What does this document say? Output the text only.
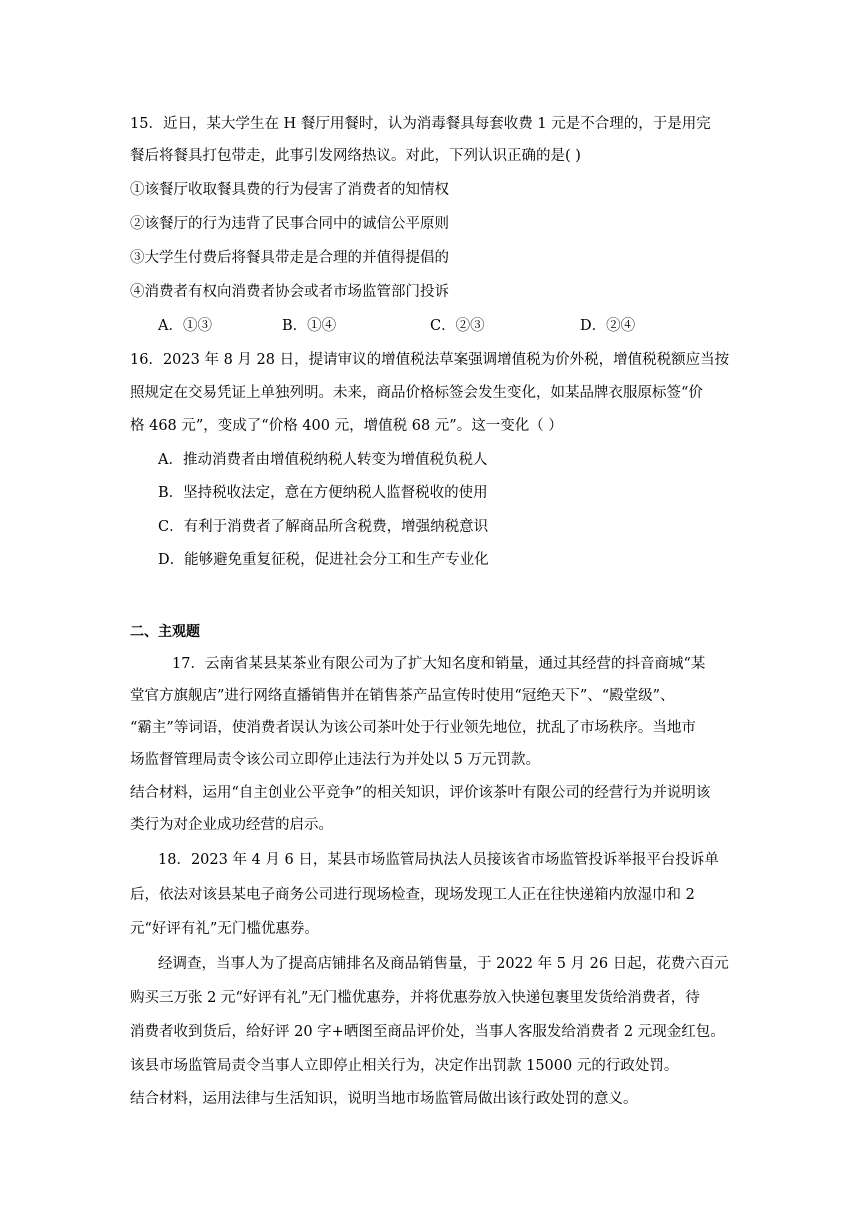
15．近日，某大学生在 H 餐厅用餐时，认为消毒餐具每套收费 1 元是不合理的，于是用完
餐后将餐具打包带走，此事引发网络热议。对此，下列认识正确的是( )
①该餐厅收取餐具费的行为侵害了消费者的知情权
②该餐厅的行为违背了民事合同中的诚信公平原则
③大学生付费后将餐具带走是合理的并值得提倡的
④消费者有权向消费者协会或者市场监管部门投诉
A．①③	B．①④	C．②③	D．②④
16．2023 年 8 月 28 日，提请审议的增值税法草案强调增值税为价外税，增值税税额应当按
照规定在交易凭证上单独列明。未来，商品价格标签会发生变化，如某品牌衣服原标签“价
格 468 元”，变成了“价格 400 元，增值税 68 元”。这一变化（ ）
A．推动消费者由增值税纳税人转变为增值税负税人
B．坚持税收法定，意在方便纳税人监督税收的使用
C．有利于消费者了解商品所含税费，增强纳税意识
D．能够避免重复征税，促进社会分工和生产专业化
二、主观题
17．云南省某县某茶业有限公司为了扩大知名度和销量，通过其经营的抖音商城“某
堂官方旗舰店”进行网络直播销售并在销售茶产品宣传时使用“冠绝天下”、“殿堂级”、
“霸主”等词语，使消费者误认为该公司茶叶处于行业领先地位，扰乱了市场秩序。当地市
场监督管理局责令该公司立即停止违法行为并处以 5 万元罚款。
结合材料，运用“自主创业公平竞争”的相关知识，评价该茶叶有限公司的经营行为并说明该
类行为对企业成功经营的启示。
18．2023 年 4 月 6 日，某县市场监管局执法人员接该省市场监管投诉举报平台投诉单
后，依法对该县某电子商务公司进行现场检查，现场发现工人正在往快递箱内放湿巾和 2
元“好评有礼”无门槛优惠券。
经调查，当事人为了提高店铺排名及商品销售量，于 2022 年 5 月 26 日起，花费六百元
购买三万张 2 元“好评有礼”无门槛优惠券，并将优惠券放入快递包裹里发货给消费者，待
消费者收到货后，给好评 20 字+晒图至商品评价处，当事人客服发给消费者 2 元现金红包。
该县市场监管局责令当事人立即停止相关行为，决定作出罚款 15000 元的行政处罚。
结合材料，运用法律与生活知识，说明当地市场监管局做出该行政处罚的意义。
